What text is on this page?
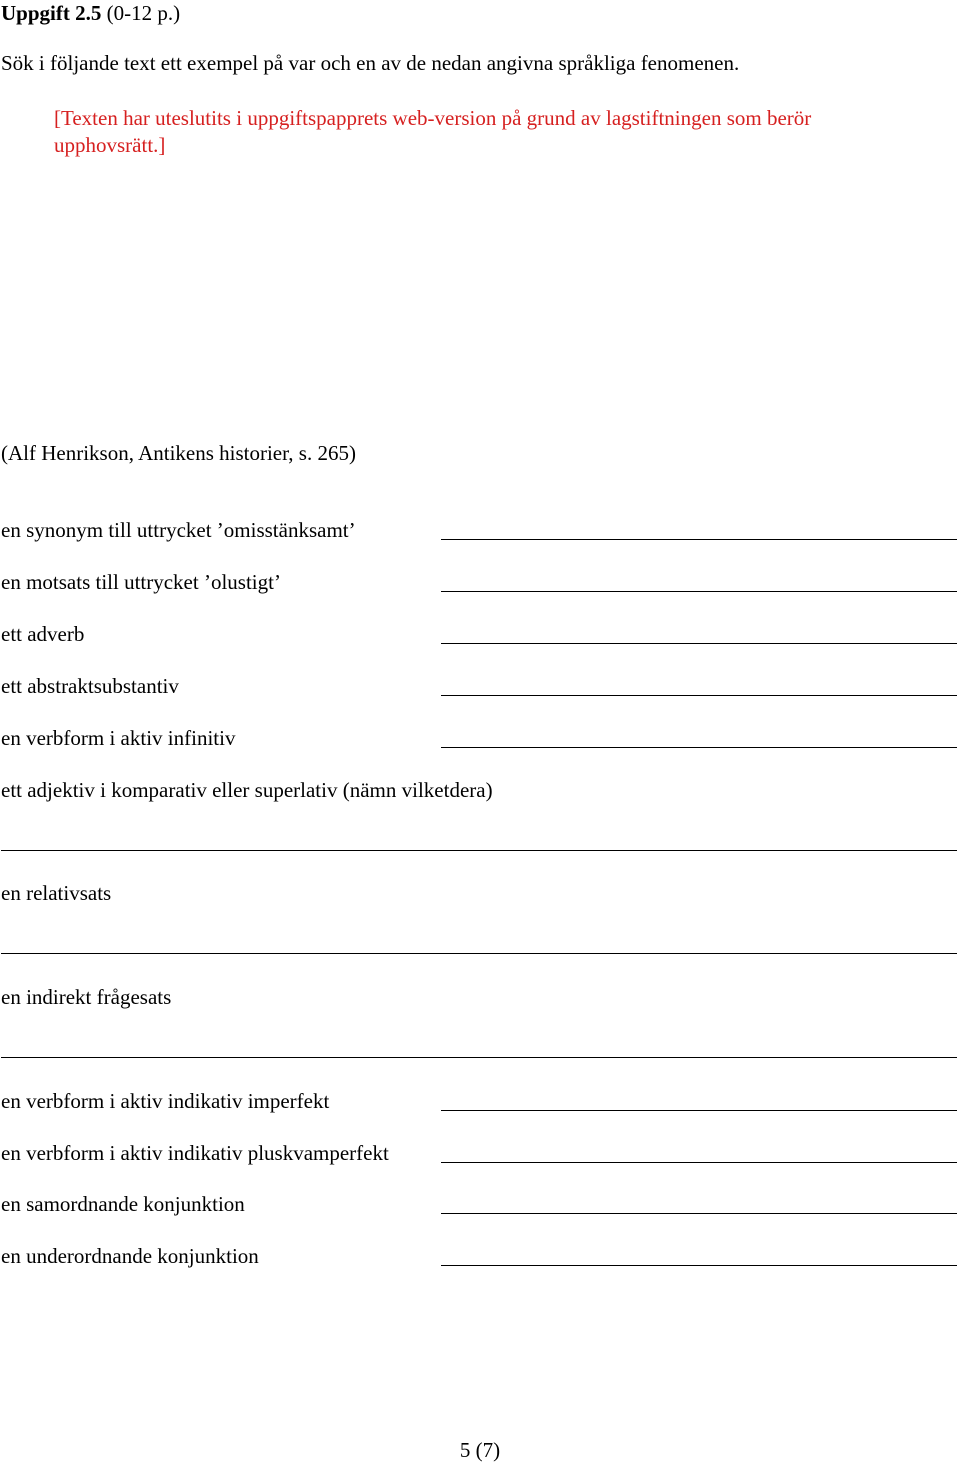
Uppgift 2.5 (0-12 p.)
Sök i följande text ett exempel på var och en av de nedan angivna språkliga fenomenen.
[Texten har uteslutits i uppgiftspapprets web-version på grund av lagstiftningen som berör upphovsrätt.]
(Alf Henrikson, Antikens historier, s. 265)
en synonym till uttrycket ’omisstänksamt’
en motsats till uttrycket ’olustigt’
ett adverb
ett abstraktsubstantiv
en verbform i aktiv infinitiv
ett adjektiv i komparativ eller superlativ (nämn vilketdera)
en relativsats
en indirekt frågesats
en verbform i aktiv indikativ imperfekt
en verbform i aktiv indikativ pluskvamperfekt
en samordnande konjunktion
en underordnande konjunktion
5 (7)
